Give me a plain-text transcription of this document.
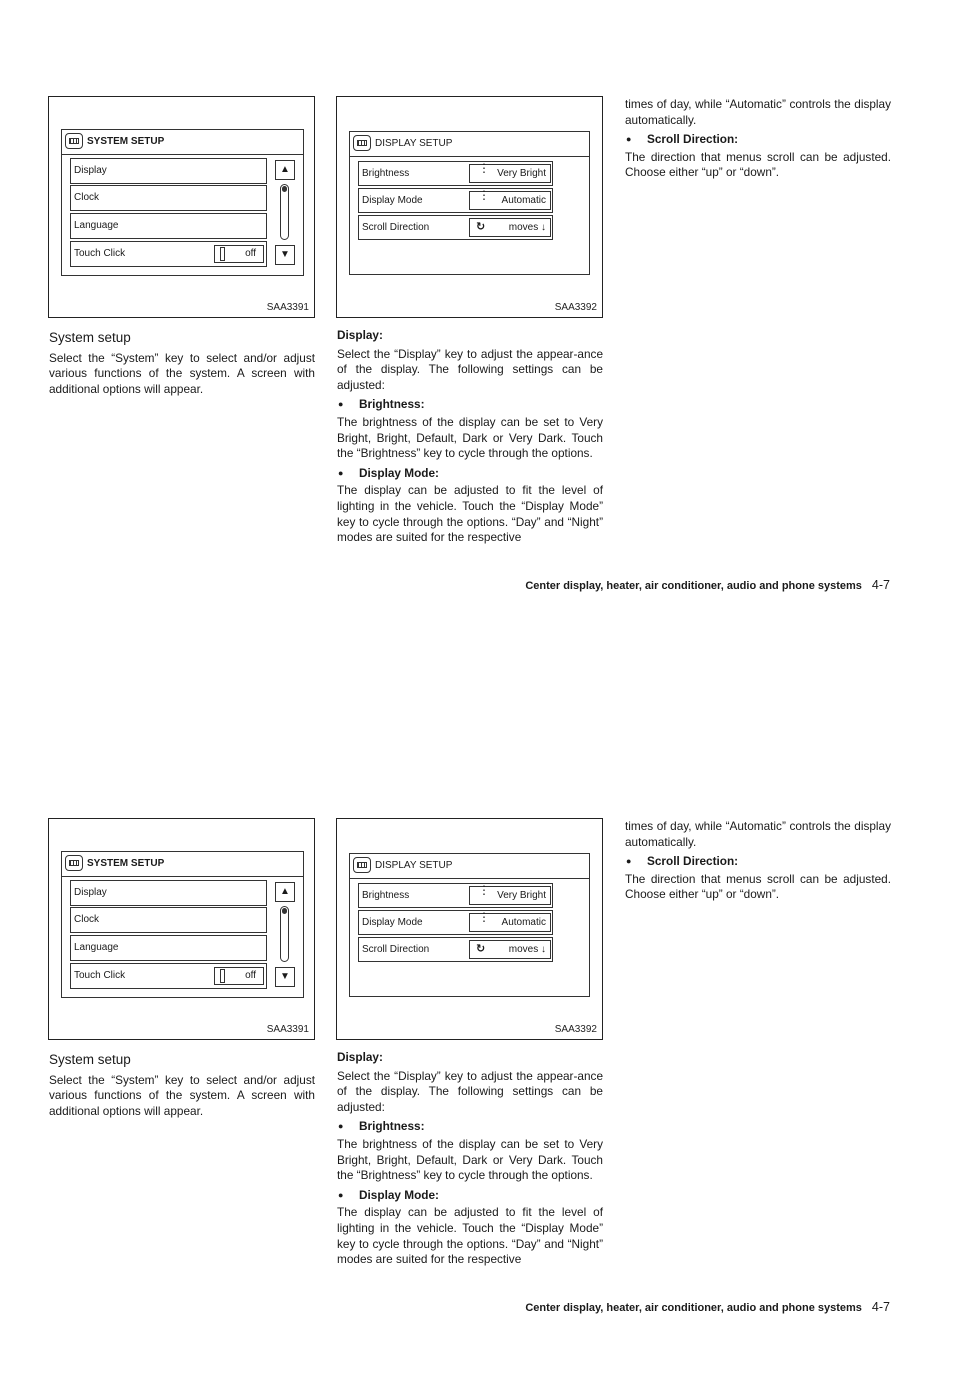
SYSTEM SETUP
Display
Clock
Language
Touch Click	off
▲
▼
SAA3391
DISPLAY SETUP
Brightness	⋮ Very Bright
Display Mode	⋮ Automatic
Scroll Direction	↻ moves ↓
SAA3392
System setup

Select the “System” key to select and/or adjust various functions of the system. A screen with additional options will appear.

Display:

Select the “Display” key to adjust the appear-ance of the display. The following settings can be adjusted:

● Brightness:

The brightness of the display can be set to Very Bright, Bright, Default, Dark or Very Dark. Touch the “Brightness” key to cycle through the options.

● Display Mode:

The display can be adjusted to fit the level of lighting in the vehicle. Touch the “Display Mode” key to cycle through the options. “Day” and “Night” modes are suited for the respective

times of day, while “Automatic” controls the display automatically.

● Scroll Direction:

The direction that menus scroll can be adjusted. Choose either “up” or “down”.

Center display, heater, air conditioner, audio and phone systems 4-7
SYSTEM SETUP
Display
Clock
Language
Touch Click	off
▲
▼
SAA3391
DISPLAY SETUP
Brightness	⋮ Very Bright
Display Mode	⋮ Automatic
Scroll Direction	↻ moves ↓
SAA3392
System setup

Select the “System” key to select and/or adjust various functions of the system. A screen with additional options will appear.

Display:

Select the “Display” key to adjust the appear-ance of the display. The following settings can be adjusted:

● Brightness:

The brightness of the display can be set to Very Bright, Bright, Default, Dark or Very Dark. Touch the “Brightness” key to cycle through the options.

● Display Mode:

The display can be adjusted to fit the level of lighting in the vehicle. Touch the “Display Mode” key to cycle through the options. “Day” and “Night” modes are suited for the respective

times of day, while “Automatic” controls the display automatically.

● Scroll Direction:

The direction that menus scroll can be adjusted. Choose either “up” or “down”.

Center display, heater, air conditioner, audio and phone systems 4-7
